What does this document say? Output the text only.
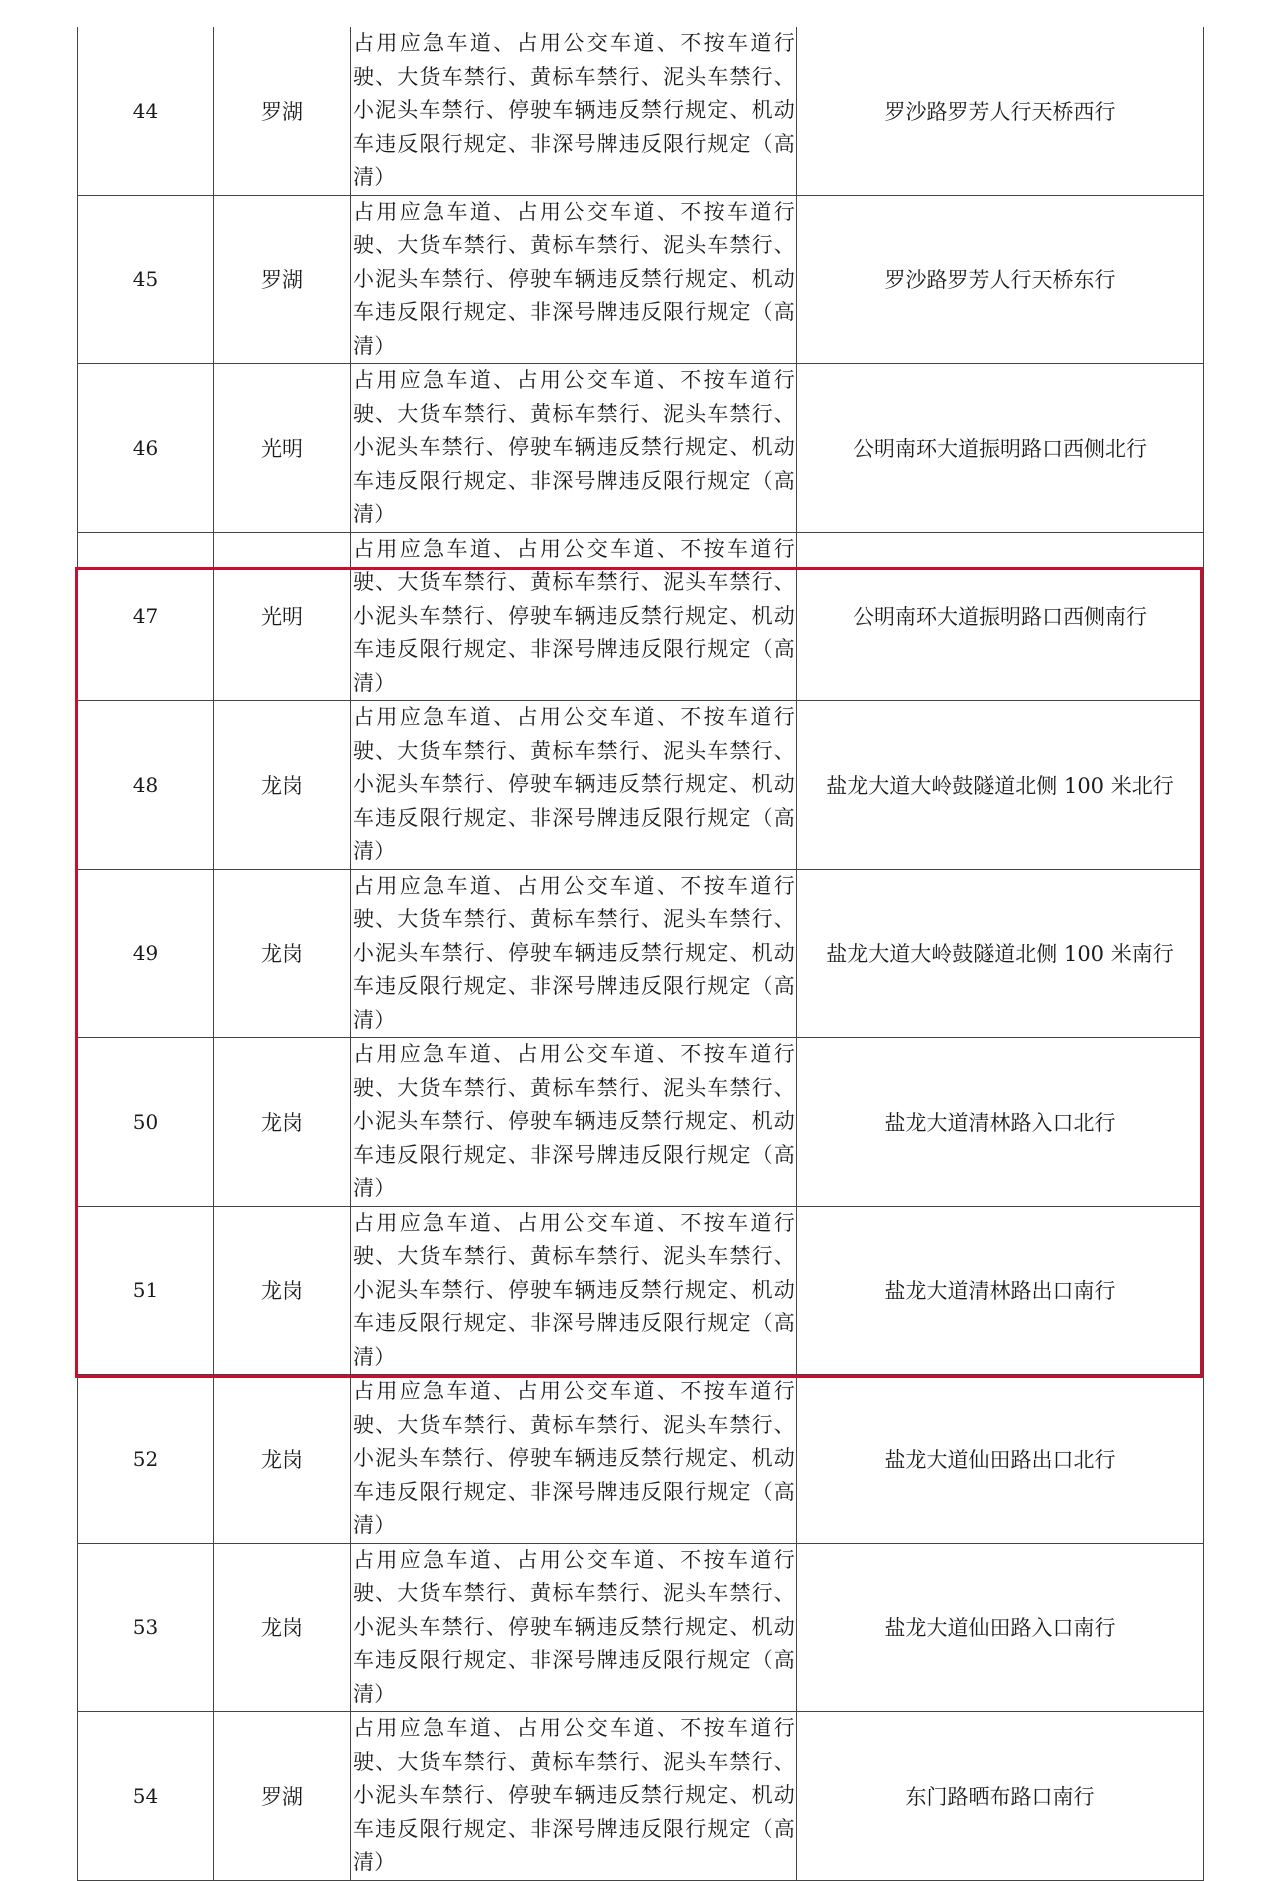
44	罗湖	占用应急车道、占用公交车道、不按车道行驶、大货车禁行、黄标车禁行、泥头车禁行、小泥头车禁行、停驶车辆违反禁行规定、机动车违反限行规定、非深号牌违反限行规定（高清）	罗沙路罗芳人行天桥西行
45	罗湖	占用应急车道、占用公交车道、不按车道行驶、大货车禁行、黄标车禁行、泥头车禁行、小泥头车禁行、停驶车辆违反禁行规定、机动车违反限行规定、非深号牌违反限行规定（高清）	罗沙路罗芳人行天桥东行
46	光明	占用应急车道、占用公交车道、不按车道行驶、大货车禁行、黄标车禁行、泥头车禁行、小泥头车禁行、停驶车辆违反禁行规定、机动车违反限行规定、非深号牌违反限行规定（高清）	公明南环大道振明路口西侧北行
47	光明	占用应急车道、占用公交车道、不按车道行驶、大货车禁行、黄标车禁行、泥头车禁行、小泥头车禁行、停驶车辆违反禁行规定、机动车违反限行规定、非深号牌违反限行规定（高清）	公明南环大道振明路口西侧南行
48	龙岗	占用应急车道、占用公交车道、不按车道行驶、大货车禁行、黄标车禁行、泥头车禁行、小泥头车禁行、停驶车辆违反禁行规定、机动车违反限行规定、非深号牌违反限行规定（高清）	盐龙大道大岭鼓隧道北侧 100 米北行
49	龙岗	占用应急车道、占用公交车道、不按车道行驶、大货车禁行、黄标车禁行、泥头车禁行、小泥头车禁行、停驶车辆违反禁行规定、机动车违反限行规定、非深号牌违反限行规定（高清）	盐龙大道大岭鼓隧道北侧 100 米南行
50	龙岗	占用应急车道、占用公交车道、不按车道行驶、大货车禁行、黄标车禁行、泥头车禁行、小泥头车禁行、停驶车辆违反禁行规定、机动车违反限行规定、非深号牌违反限行规定（高清）	盐龙大道清林路入口北行
51	龙岗	占用应急车道、占用公交车道、不按车道行驶、大货车禁行、黄标车禁行、泥头车禁行、小泥头车禁行、停驶车辆违反禁行规定、机动车违反限行规定、非深号牌违反限行规定（高清）	盐龙大道清林路出口南行
52	龙岗	占用应急车道、占用公交车道、不按车道行驶、大货车禁行、黄标车禁行、泥头车禁行、小泥头车禁行、停驶车辆违反禁行规定、机动车违反限行规定、非深号牌违反限行规定（高清）	盐龙大道仙田路出口北行
53	龙岗	占用应急车道、占用公交车道、不按车道行驶、大货车禁行、黄标车禁行、泥头车禁行、小泥头车禁行、停驶车辆违反禁行规定、机动车违反限行规定、非深号牌违反限行规定（高清）	盐龙大道仙田路入口南行
54	罗湖	占用应急车道、占用公交车道、不按车道行驶、大货车禁行、黄标车禁行、泥头车禁行、小泥头车禁行、停驶车辆违反禁行规定、机动车违反限行规定、非深号牌违反限行规定（高清）	东门路晒布路口南行
